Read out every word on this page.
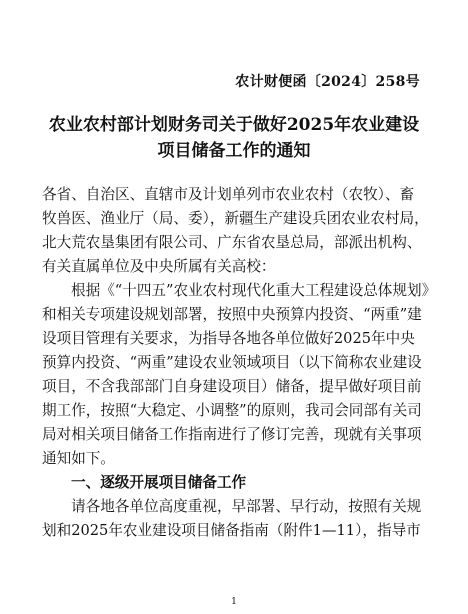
农计财便函〔2024〕258号
农业农村部计划财务司关于做好2025年农业建设
项目储备工作的通知
各省、自治区、直辖市及计划单列市农业农村（农牧）、畜
牧兽医、渔业厅（局、委），新疆生产建设兵团农业农村局，
北大荒农垦集团有限公司、广东省农垦总局，部派出机构、
有关直属单位及中央所属有关高校：
根据《“十四五”农业农村现代化重大工程建设总体规划》
和相关专项建设规划部署，按照中央预算内投资、“两重”建
设项目管理有关要求，为指导各地各单位做好2025年中央
预算内投资、“两重”建设农业领域项目（以下简称农业建设
项目，不含我部部门自身建设项目）储备，提早做好项目前
期工作，按照“大稳定、小调整”的原则，我司会同部有关司
局对相关项目储备工作指南进行了修订完善，现就有关事项
通知如下。
一、逐级开展项目储备工作
请各地各单位高度重视，早部署、早行动，按照有关规
划和2025年农业建设项目储备指南（附件1—11），指导市
1
